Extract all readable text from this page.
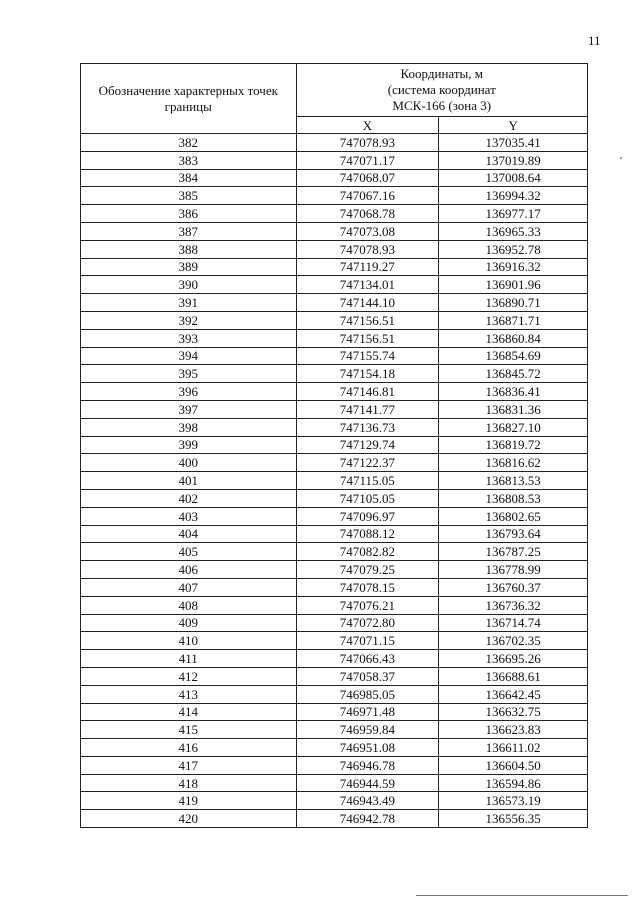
11
Обозначение характерных точек границы	Координаты, м
(система координат
МСК-166 (зона 3)	

	X	Y
382	747078.93	137035.41
383	747071.17	137019.89
384	747068.07	137008.64
385	747067.16	136994.32
386	747068.78	136977.17
387	747073.08	136965.33
388	747078.93	136952.78
389	747119.27	136916.32
390	747134.01	136901.96
391	747144.10	136890.71
392	747156.51	136871.71
393	747156.51	136860.84
394	747155.74	136854.69
395	747154.18	136845.72
396	747146.81	136836.41
397	747141.77	136831.36
398	747136.73	136827.10
399	747129.74	136819.72
400	747122.37	136816.62
401	747115.05	136813.53
402	747105.05	136808.53
403	747096.97	136802.65
404	747088.12	136793.64
405	747082.82	136787.25
406	747079.25	136778.99
407	747078.15	136760.37
408	747076.21	136736.32
409	747072.80	136714.74
410	747071.15	136702.35
411	747066.43	136695.26
412	747058.37	136688.61
413	746985.05	136642.45
414	746971.48	136632.75
415	746959.84	136623.83
416	746951.08	136611.02
417	746946.78	136604.50
418	746944.59	136594.86
419	746943.49	136573.19
420	746942.78	136556.35
